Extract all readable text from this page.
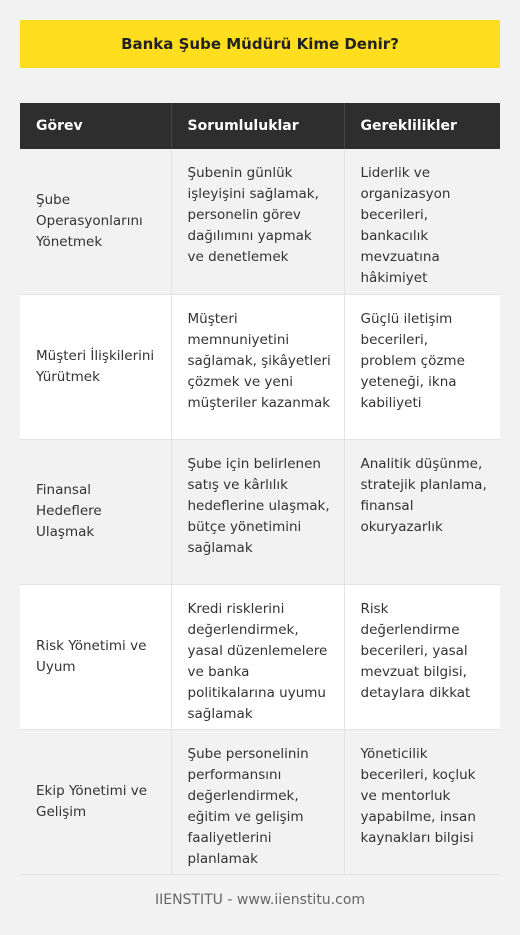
Banka Şube Müdürü Kime Denir?
Görev	Sorumluluklar	Gereklilikler
Şube Operasyonlarını Yönetmek	Şubenin günlük işleyişini sağlamak, personelin görev dağılımını yapmak ve denetlemek	Liderlik ve organizasyon becerileri, bankacılık mevzuatına hâkimiyet
Müşteri İlişkilerini Yürütmek	Müşteri memnuniyetini sağlamak, şikâyetleri çözmek ve yeni müşteriler kazanmak	Güçlü iletişim becerileri, problem çözme yeteneği, ikna kabiliyeti
Finansal Hedeflere Ulaşmak	Şube için belirlenen satış ve kârlılık hedeflerine ulaşmak, bütçe yönetimini sağlamak	Analitik düşünme, stratejik planlama, finansal okuryazarlık
Risk Yönetimi ve Uyum	Kredi risklerini değerlendirmek, yasal düzenlemelere ve banka politikalarına uyumu sağlamak	Risk değerlendirme becerileri, yasal mevzuat bilgisi, detaylara dikkat
Ekip Yönetimi ve Gelişim	Şube personelinin performansını değerlendirmek, eğitim ve gelişim faaliyetlerini planlamak	Yöneticilik becerileri, koçluk ve mentorluk yapabilme, insan kaynakları bilgisi
IIENSTITU - www.iienstitu.com
